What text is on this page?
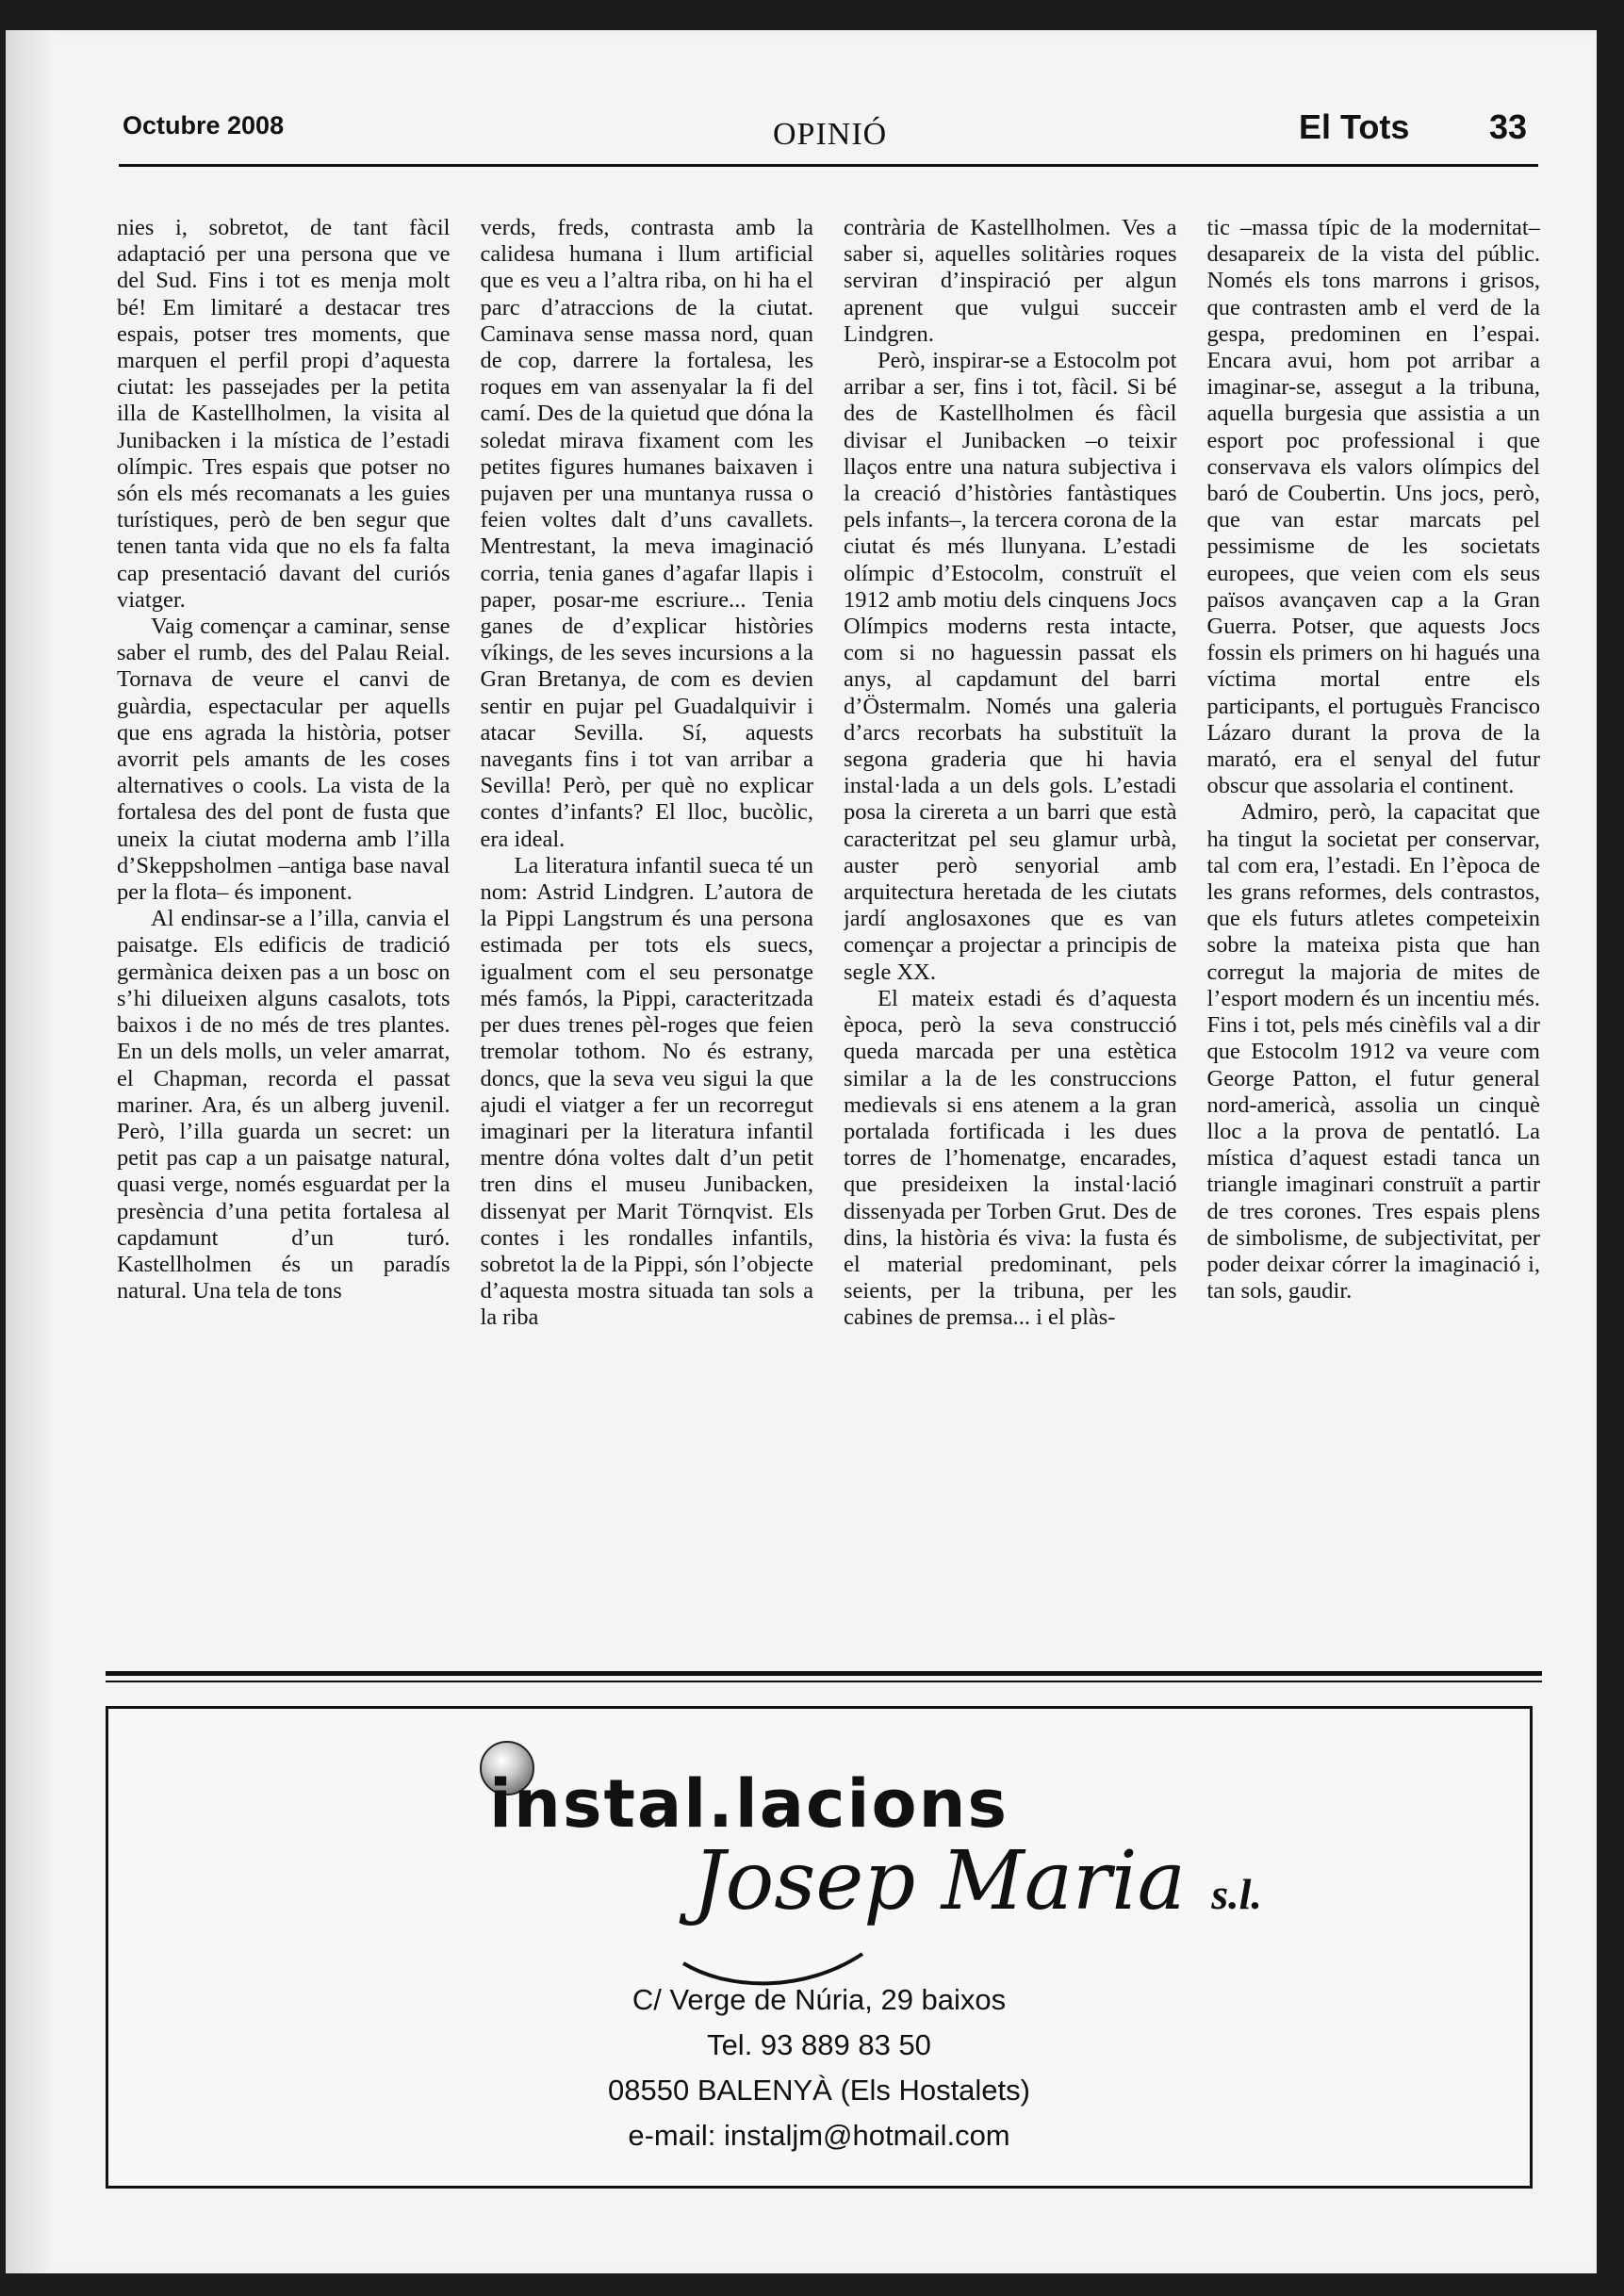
Octubre 2008	OPINIÓ	El Tots 33

nies i, sobretot, de tant fàcil adaptació per una persona que ve del Sud. Fins i tot es menja molt bé! Em limitaré a destacar tres espais, potser tres moments, que marquen el perfil propi d’aquesta ciutat: les passejades per la petita illa de Kastellholmen, la visita al Junibacken i la mística de l’estadi olímpic. Tres espais que potser no són els més recomanats a les guies turístiques, però de ben segur que tenen tanta vida que no els fa falta cap presentació davant del curiós viatger.

Vaig començar a caminar, sense saber el rumb, des del Palau Reial. Tornava de veure el canvi de guàrdia, espectacular per aquells que ens agrada la història, potser avorrit pels amants de les coses alternatives o cools. La vista de la fortalesa des del pont de fusta que uneix la ciutat moderna amb l’illa d’Skeppsholmen –antiga base naval per la flota– és imponent.

Al endinsar-se a l’illa, canvia el paisatge. Els edificis de tradició germànica deixen pas a un bosc on s’hi dilueixen alguns casalots, tots baixos i de no més de tres plantes. En un dels molls, un veler amarrat, el Chapman, recorda el passat mariner. Ara, és un alberg juvenil. Però, l’illa guarda un secret: un petit pas cap a un paisatge natural, quasi verge, només esguardat per la presència d’una petita fortalesa al capdamunt d’un turó. Kastellholmen és un paradís natural. Una tela de tons

verds, freds, contrasta amb la calidesa humana i llum artificial que es veu a l’altra riba, on hi ha el parc d’atraccions de la ciutat. Caminava sense massa nord, quan de cop, darrere la fortalesa, les roques em van assenyalar la fi del camí. Des de la quietud que dóna la soledat mirava fixament com les petites figures humanes baixaven i pujaven per una muntanya russa o feien voltes dalt d’uns cavallets. Mentrestant, la meva imaginació corria, tenia ganes d’agafar llapis i paper, posar-me escriure... Tenia ganes de d’explicar històries víkings, de les seves incursions a la Gran Bretanya, de com es devien sentir en pujar pel Guadalquivir i atacar Sevilla. Sí, aquests navegants fins i tot van arribar a Sevilla! Però, per què no explicar contes d’infants? El lloc, bucòlic, era ideal.

La literatura infantil sueca té un nom: Astrid Lindgren. L’autora de la Pippi Langstrum és una persona estimada per tots els suecs, igualment com el seu personatge més famós, la Pippi, caracteritzada per dues trenes pèl-roges que feien tremolar tothom. No és estrany, doncs, que la seva veu sigui la que ajudi el viatger a fer un recorregut imaginari per la literatura infantil mentre dóna voltes dalt d’un petit tren dins el museu Junibacken, dissenyat per Marit Törnqvist. Els contes i les rondalles infantils, sobretot la de la Pippi, són l’objecte d’aquesta mostra situada tan sols a la riba

contrària de Kastellholmen. Ves a saber si, aquelles solitàries roques serviran d’inspiració per algun aprenent que vulgui succeir Lindgren.

Però, inspirar-se a Estocolm pot arribar a ser, fins i tot, fàcil. Si bé des de Kastellholmen és fàcil divisar el Junibacken –o teixir llaços entre una natura subjectiva i la creació d’històries fantàstiques pels infants–, la tercera corona de la ciutat és més llunyana. L’estadi olímpic d’Estocolm, construït el 1912 amb motiu dels cinquens Jocs Olímpics moderns resta intacte, com si no haguessin passat els anys, al capdamunt del barri d’Östermalm. Només una galeria d’arcs recorbats ha substituït la segona graderia que hi havia instal·lada a un dels gols. L’estadi posa la cirereta a un barri que està caracteritzat pel seu glamur urbà, auster però senyorial amb arquitectura heretada de les ciutats jardí anglosaxones que es van començar a projectar a principis de segle XX.

El mateix estadi és d’aquesta època, però la seva construcció queda marcada per una estètica similar a la de les construccions medievals si ens atenem a la gran portalada fortificada i les dues torres de l’homenatge, encarades, que presideixen la instal·lació dissenyada per Torben Grut. Des de dins, la història és viva: la fusta és el material predominant, pels seients, per la tribuna, per les cabines de premsa... i el plàs-

tic –massa típic de la modernitat– desapareix de la vista del públic. Només els tons marrons i grisos, que contrasten amb el verd de la gespa, predominen en l’espai. Encara avui, hom pot arribar a imaginar-se, assegut a la tribuna, aquella burgesia que assistia a un esport poc professional i que conservava els valors olímpics del baró de Coubertin. Uns jocs, però, que van estar marcats pel pessimisme de les societats europees, que veien com els seus països avançaven cap a la Gran Guerra. Potser, que aquests Jocs fossin els primers on hi hagués una víctima mortal entre els participants, el portuguès Francisco Lázaro durant la prova de la marató, era el senyal del futur obscur que assolaria el continent.

Admiro, però, la capacitat que ha tingut la societat per conservar, tal com era, l’estadi. En l’època de les grans reformes, dels contrastos, que els futurs atletes competeixin sobre la mateixa pista que han corregut la majoria de mites de l’esport modern és un incentiu més. Fins i tot, pels més cinèfils val a dir que Estocolm 1912 va veure com George Patton, el futur general nord-americà, assolia un cinquè lloc a la prova de pentatló. La mística d’aquest estadi tanca un triangle imaginari construït a partir de tres corones. Tres espais plens de simbolisme, de subjectivitat, per poder deixar córrer la imaginació i, tan sols, gaudir.

instal.lacions
Josep Maria s.l.
C/ Verge de Núria, 29 baixos
Tel. 93 889 83 50
08550 BALENYÀ (Els Hostalets)
e-mail: instaljm@hotmail.com
